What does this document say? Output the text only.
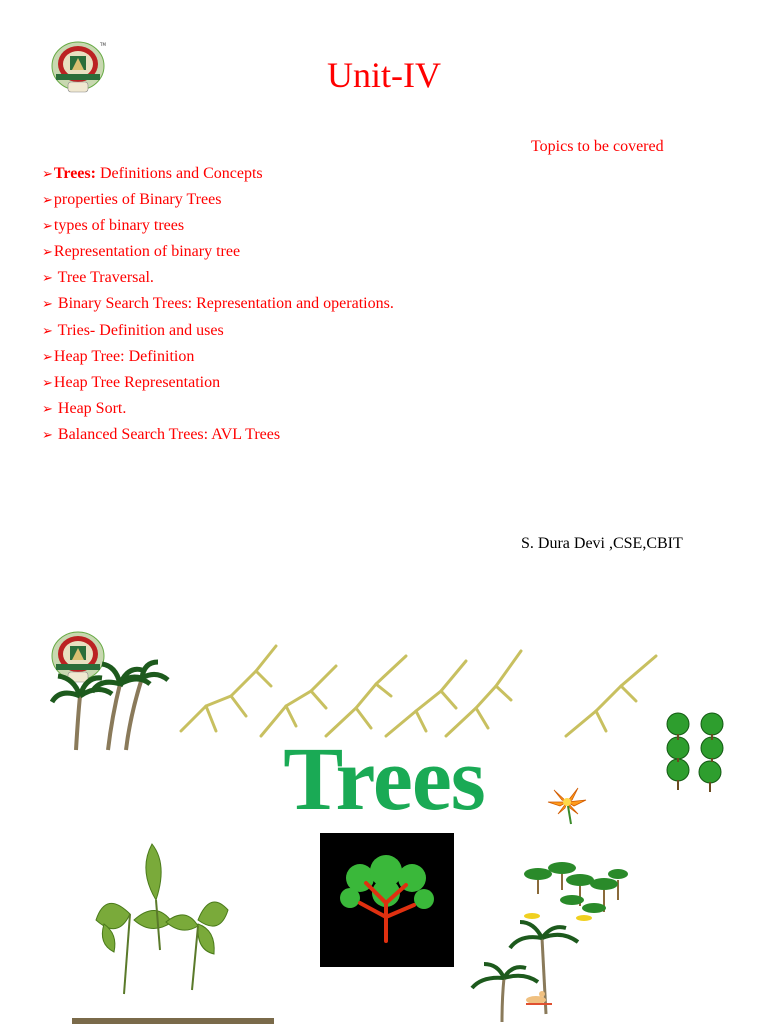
TM
Unit-IV
Topics to be covered
➢Trees: Definitions and Concepts
➢properties of Binary Trees
➢types of binary trees
➢Representation of binary tree
➢ Tree Traversal.
➢ Binary Search Trees: Representation and operations.
➢ Tries- Definition and uses
➢Heap Tree: Definition
➢Heap Tree Representation
➢ Heap Sort.
➢ Balanced Search Trees: AVL Trees
S. Dura Devi ,CSE,CBIT
Trees
